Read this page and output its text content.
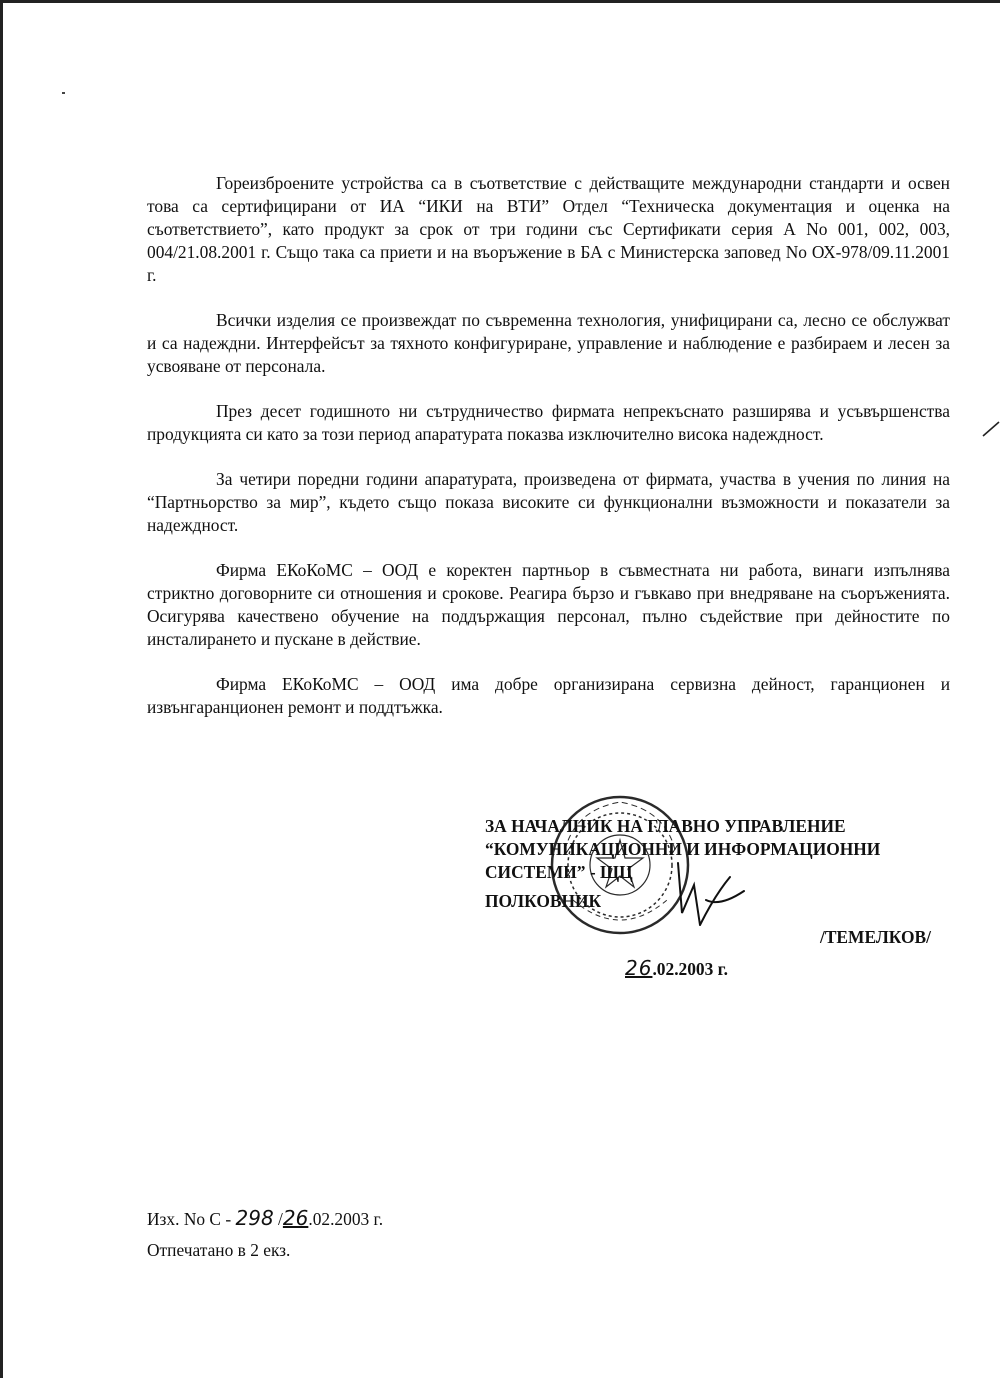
Гореизброените устройства са в съответствие с действащите международни стандарти и освен това са сертифицирани от ИА “ИКИ на ВТИ” Отдел “Техническа документация и оценка на съответствието”, като продукт за срок от три години със Сертификати серия А No 001, 002, 003, 004/21.08.2001 г. Също така са приети и на въоръжение в БА с Министерска заповед No ОХ-978/09.11.2001 г.

Всички изделия се произвеждат по съвременна технология, унифицирани са, лесно се обслужват и са надеждни. Интерфейсът за тяхното конфигуриране, управление и наблюдение е разбираем и лесен за усвояване от персонала.

През десет годишното ни сътрудничество фирмата непрекъснато разширява и усъвършенства продукцията си като за този период апаратурата показва изключително висока надеждност.

За четири поредни години апаратурата, произведена от фирмата, участва в учения по линия на “Партньорство за мир”, където също показа високите си функционални възможности и показатели за надеждност.

Фирма ЕКоКоМС – ООД е коректен партньор в съвместната ни работа, винаги изпълнява стриктно договорните си отношения и срокове. Реагира бързо и гъвкаво при внедряване на съоръженията. Осигурява качествено обучение на поддържащия персонал, пълно съдействие при дейностите по инсталирането и пускане в действие.

Фирма ЕКоКоМС – ООД има добре организирана сервизна дейност, гаранционен и извънгаранционен ремонт и поддтъжка.

ЗА НАЧАЛНИК НА ГЛАВНО УПРАВЛЕНИЕ
“КОМУНИКАЦИОННИ И ИНФОРМАЦИОННИ
СИСТЕМИ” - ЩЦ
ПОЛКОВНИК
/ТЕМЕЛКОВ/
26.02.2003 г.
Изх. No С - 298 /26.02.2003 г.
Отпечатано в 2 екз.
